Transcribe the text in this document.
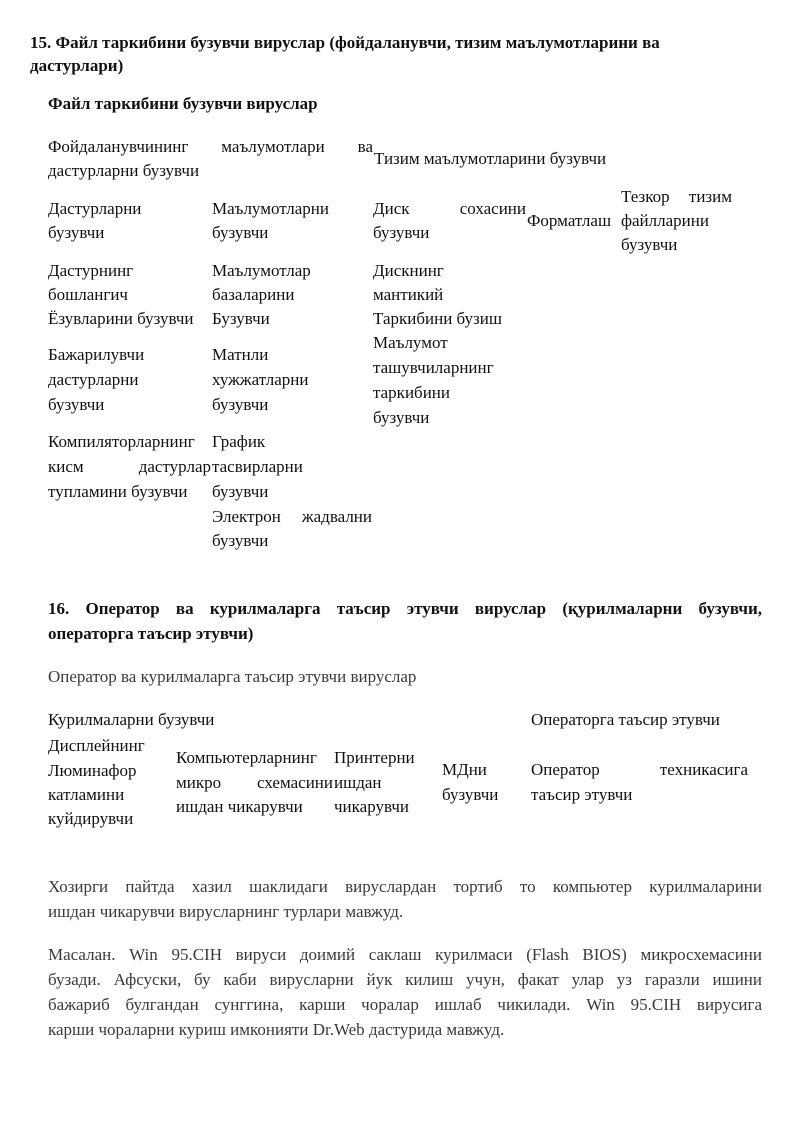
15. Файл таркибини бузувчи вируслар (фойдаланувчи, тизим маълумотларини ва
дастурлари)
Файл таркибини бузувчи вируслар
Фойдаланувчининг маълумотлари ва
дастурларни бузувчи
Тизим маълумотларини бузувчи
Дастурларни
бузувчи
Маълумотларни
бузувчи
Диск сохасини
бузувчи
Форматлаш
Тезкор тизим
файлларини
бузувчи
Дастурнинг
бошлангич
Ёзувларини бузувчи
Маълумотлар
базаларини
Бузувчи
Дискнинг
мантикий
Таркибини бузиш
Бажарилувчи
дастурларни
бузувчи
Матнли
хужжатларни
бузувчи
Маълумот
ташувчиларнинг
таркибини
бузувчи
Компиляторларнинг
кисм дастурлар
тупламини бузувчи
График
тасвирларни
бузувчи
Электрон жадвални
бузувчи
16. Оператор ва курилмаларга таъсир этувчи вируслар (қурилмаларни бузувчи,
операторга таъсир этувчи)
Оператор ва курилмаларга таъсир этувчи вируслар
Курилмаларни бузувчи	Операторга таъсир этувчи
Дисплейнинг
Люминафор
катламини
куйдирувчи
Компьютерларнинг
микро схемасини
ишдан чикарувчи
Принтерни
ишдан
чикарувчи
МДни
бузувчи
Оператор техникасига
таъсир этувчи
Хозирги пайтда хазил шаклидаги вируслардан тортиб то компьютер курилмаларини
ишдан чикарувчи вирусларнинг турлари мавжуд.
Масалан. Win 95.CIH вируси доимий саклаш курилмаси (Flash BIOS) микросхемасини
бузади. Афсуски, бу каби вирусларни йук килиш учун, факат улар уз гаразли ишини
бажариб булгандан сунггина, карши чоралар ишлаб чикилади. Win 95.CIH вирусига
карши чораларни куриш имконияти Dr.Web дастурида мавжуд.
